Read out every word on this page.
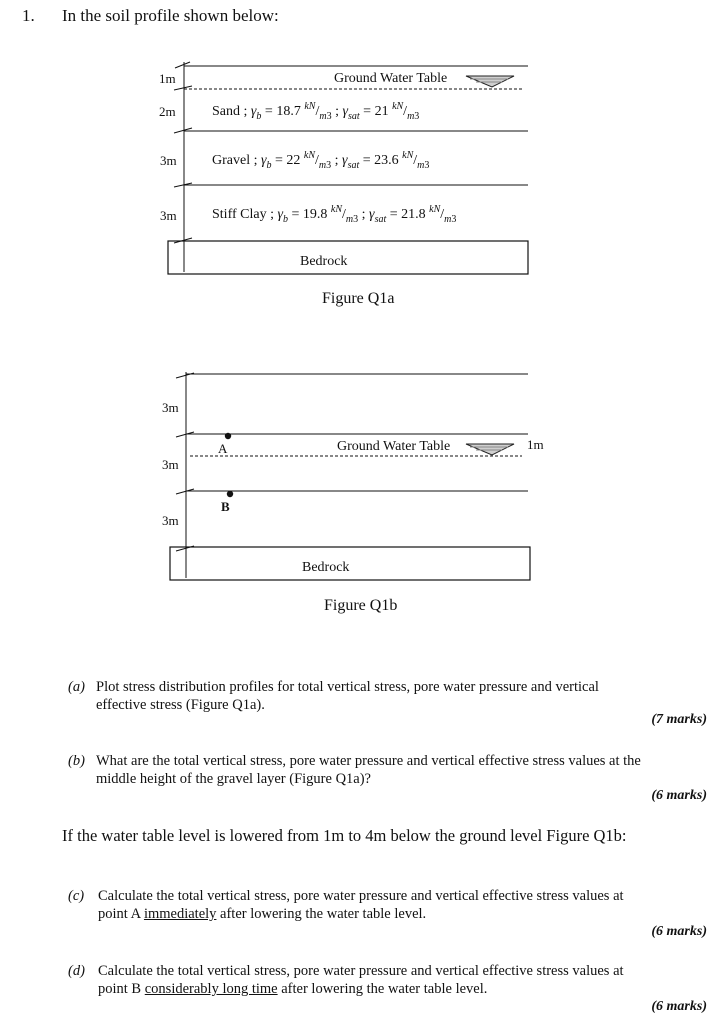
1. In the soil profile shown below:
1m
2m
3m
3m
Ground Water Table
Sand ; $\gamma_b = 18.7$ $^{kN}/_{m3}$ ; $\gamma_{sat} = 21$ $^{kN}/_{m3}$
Gravel ; $\gamma_b = 22$ $^{kN}/_{m3}$ ; $\gamma_{sat} = 23.6$ $^{kN}/_{m3}$
Stiff Clay ; $\gamma_b = 19.8$ $^{kN}/_{m3}$ ; $\gamma_{sat} = 21.8$ $^{kN}/_{m3}$
Bedrock
Figure Q1a
3m
3m
3m
A
B
Ground Water Table	1m
Bedrock
Figure Q1b
(a) Plot stress distribution profiles for total vertical stress, pore water pressure and vertical
effective stress (Figure Q1a).
(7 marks)
(b) What are the total vertical stress, pore water pressure and vertical effective stress values at the
middle height of the gravel layer (Figure Q1a)?
(6 marks)
If the water table level is lowered from 1m to 4m below the ground level Figure Q1b:
(c) Calculate the total vertical stress, pore water pressure and vertical effective stress values at
point A immediately after lowering the water table level.
(6 marks)
(d) Calculate the total vertical stress, pore water pressure and vertical effective stress values at
point B considerably long time after lowering the water table level.
(6 marks)
